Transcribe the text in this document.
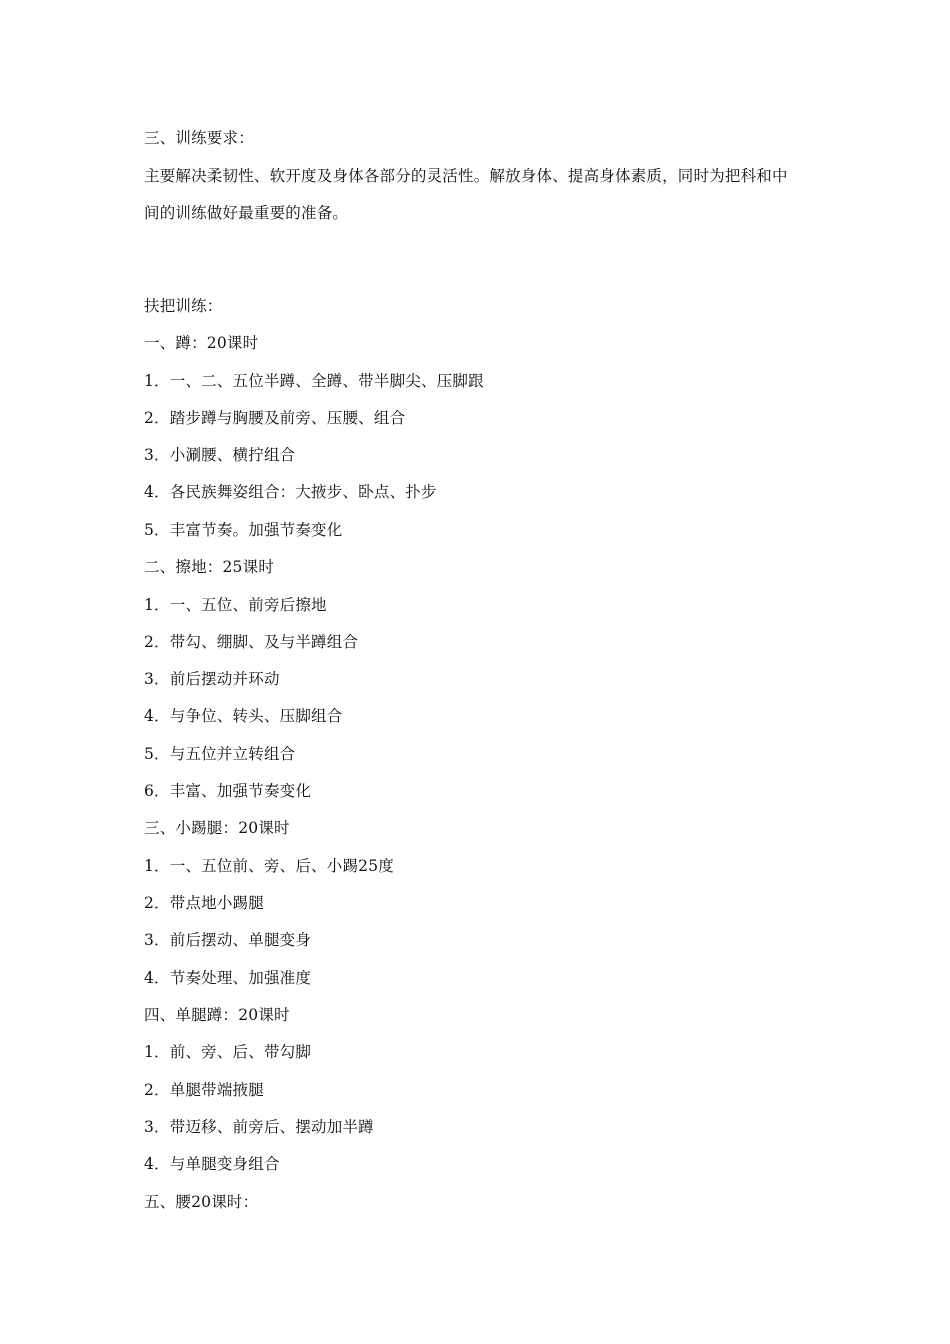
三、训练要求：
主要解决柔韧性、软开度及身体各部分的灵活性。解放身体、提高身体素质，同时为把科和中
间的训练做好最重要的准备。
扶把训练：
一、蹲：20课时
1．一、二、五位半蹲、全蹲、带半脚尖、压脚跟
2．踏步蹲与胸腰及前旁、压腰、组合
3．小涮腰、横拧组合
4．各民族舞姿组合：大掖步、卧点、扑步
5．丰富节奏。加强节奏变化
二、擦地：25课时
1．一、五位、前旁后擦地
2．带勾、绷脚、及与半蹲组合
3．前后摆动并环动
4．与争位、转头、压脚组合
5．与五位并立转组合
6．丰富、加强节奏变化
三、小踢腿：20课时
1．一、五位前、旁、后、小踢25度
2．带点地小踢腿
3．前后摆动、单腿变身
4．节奏处理、加强准度
四、单腿蹲：20课时
1．前、旁、后、带勾脚
2．单腿带端掖腿
3．带迈移、前旁后、摆动加半蹲
4．与单腿变身组合
五、腰20课时：
